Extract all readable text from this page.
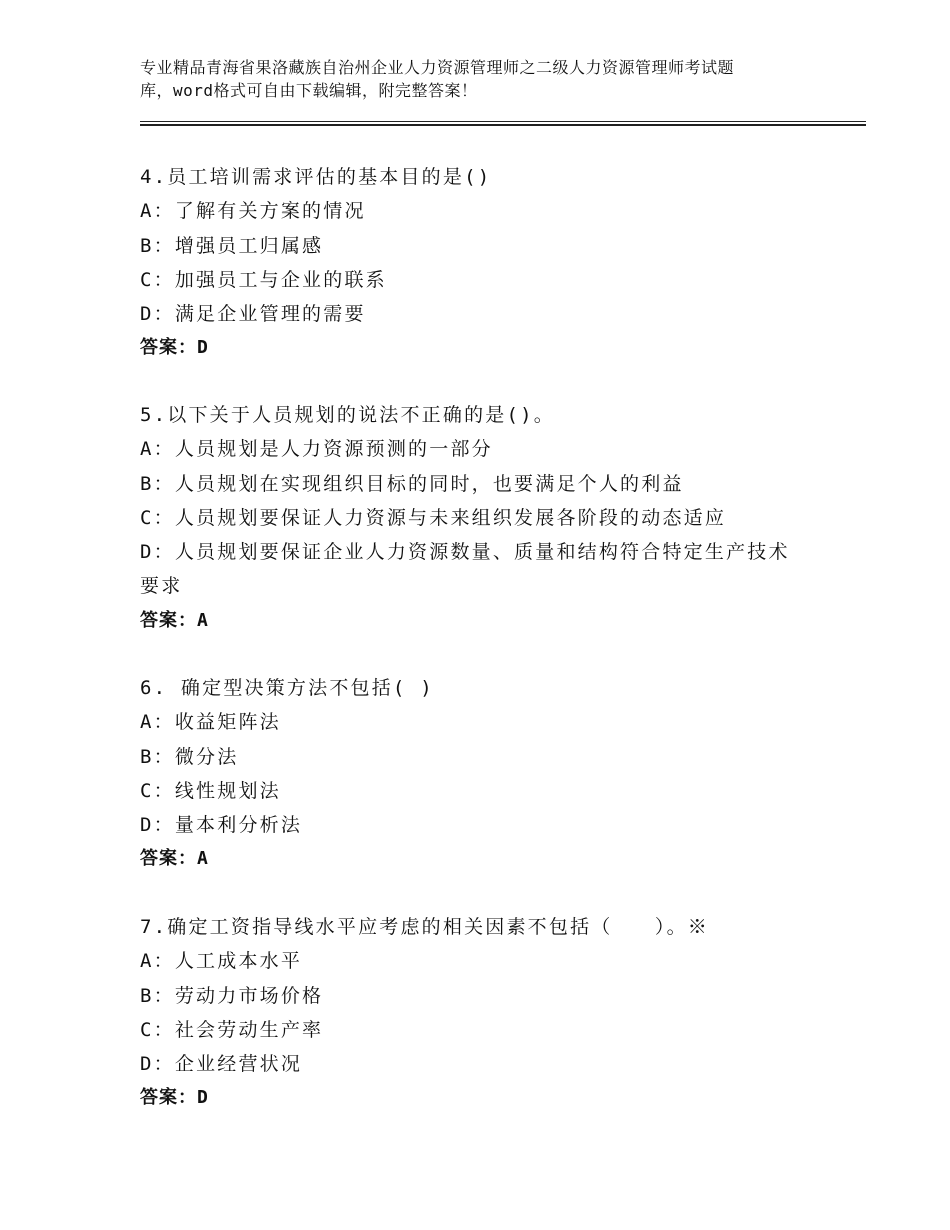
专业精品青海省果洛藏族自治州企业人力资源管理师之二级人力资源管理师考试题
库，word格式可自由下载编辑，附完整答案！
4.员工培训需求评估的基本目的是()
A：了解有关方案的情况
B：增强员工归属感
C：加强员工与企业的联系
D：满足企业管理的需要
答案：D
5.以下关于人员规划的说法不正确的是()。
A：人员规划是人力资源预测的一部分
B：人员规划在实现组织目标的同时，也要满足个人的利益
C：人员规划要保证人力资源与未来组织发展各阶段的动态适应
D：人员规划要保证企业人力资源数量、质量和结构符合特定生产技术
要求
答案：A
6. 确定型决策方法不包括( )
A：收益矩阵法
B：微分法
C：线性规划法
D：量本利分析法
答案：A
7.确定工资指导线水平应考虑的相关因素不包括（　　）。※
A：人工成本水平
B：劳动力市场价格
C：社会劳动生产率
D：企业经营状况
答案：D
